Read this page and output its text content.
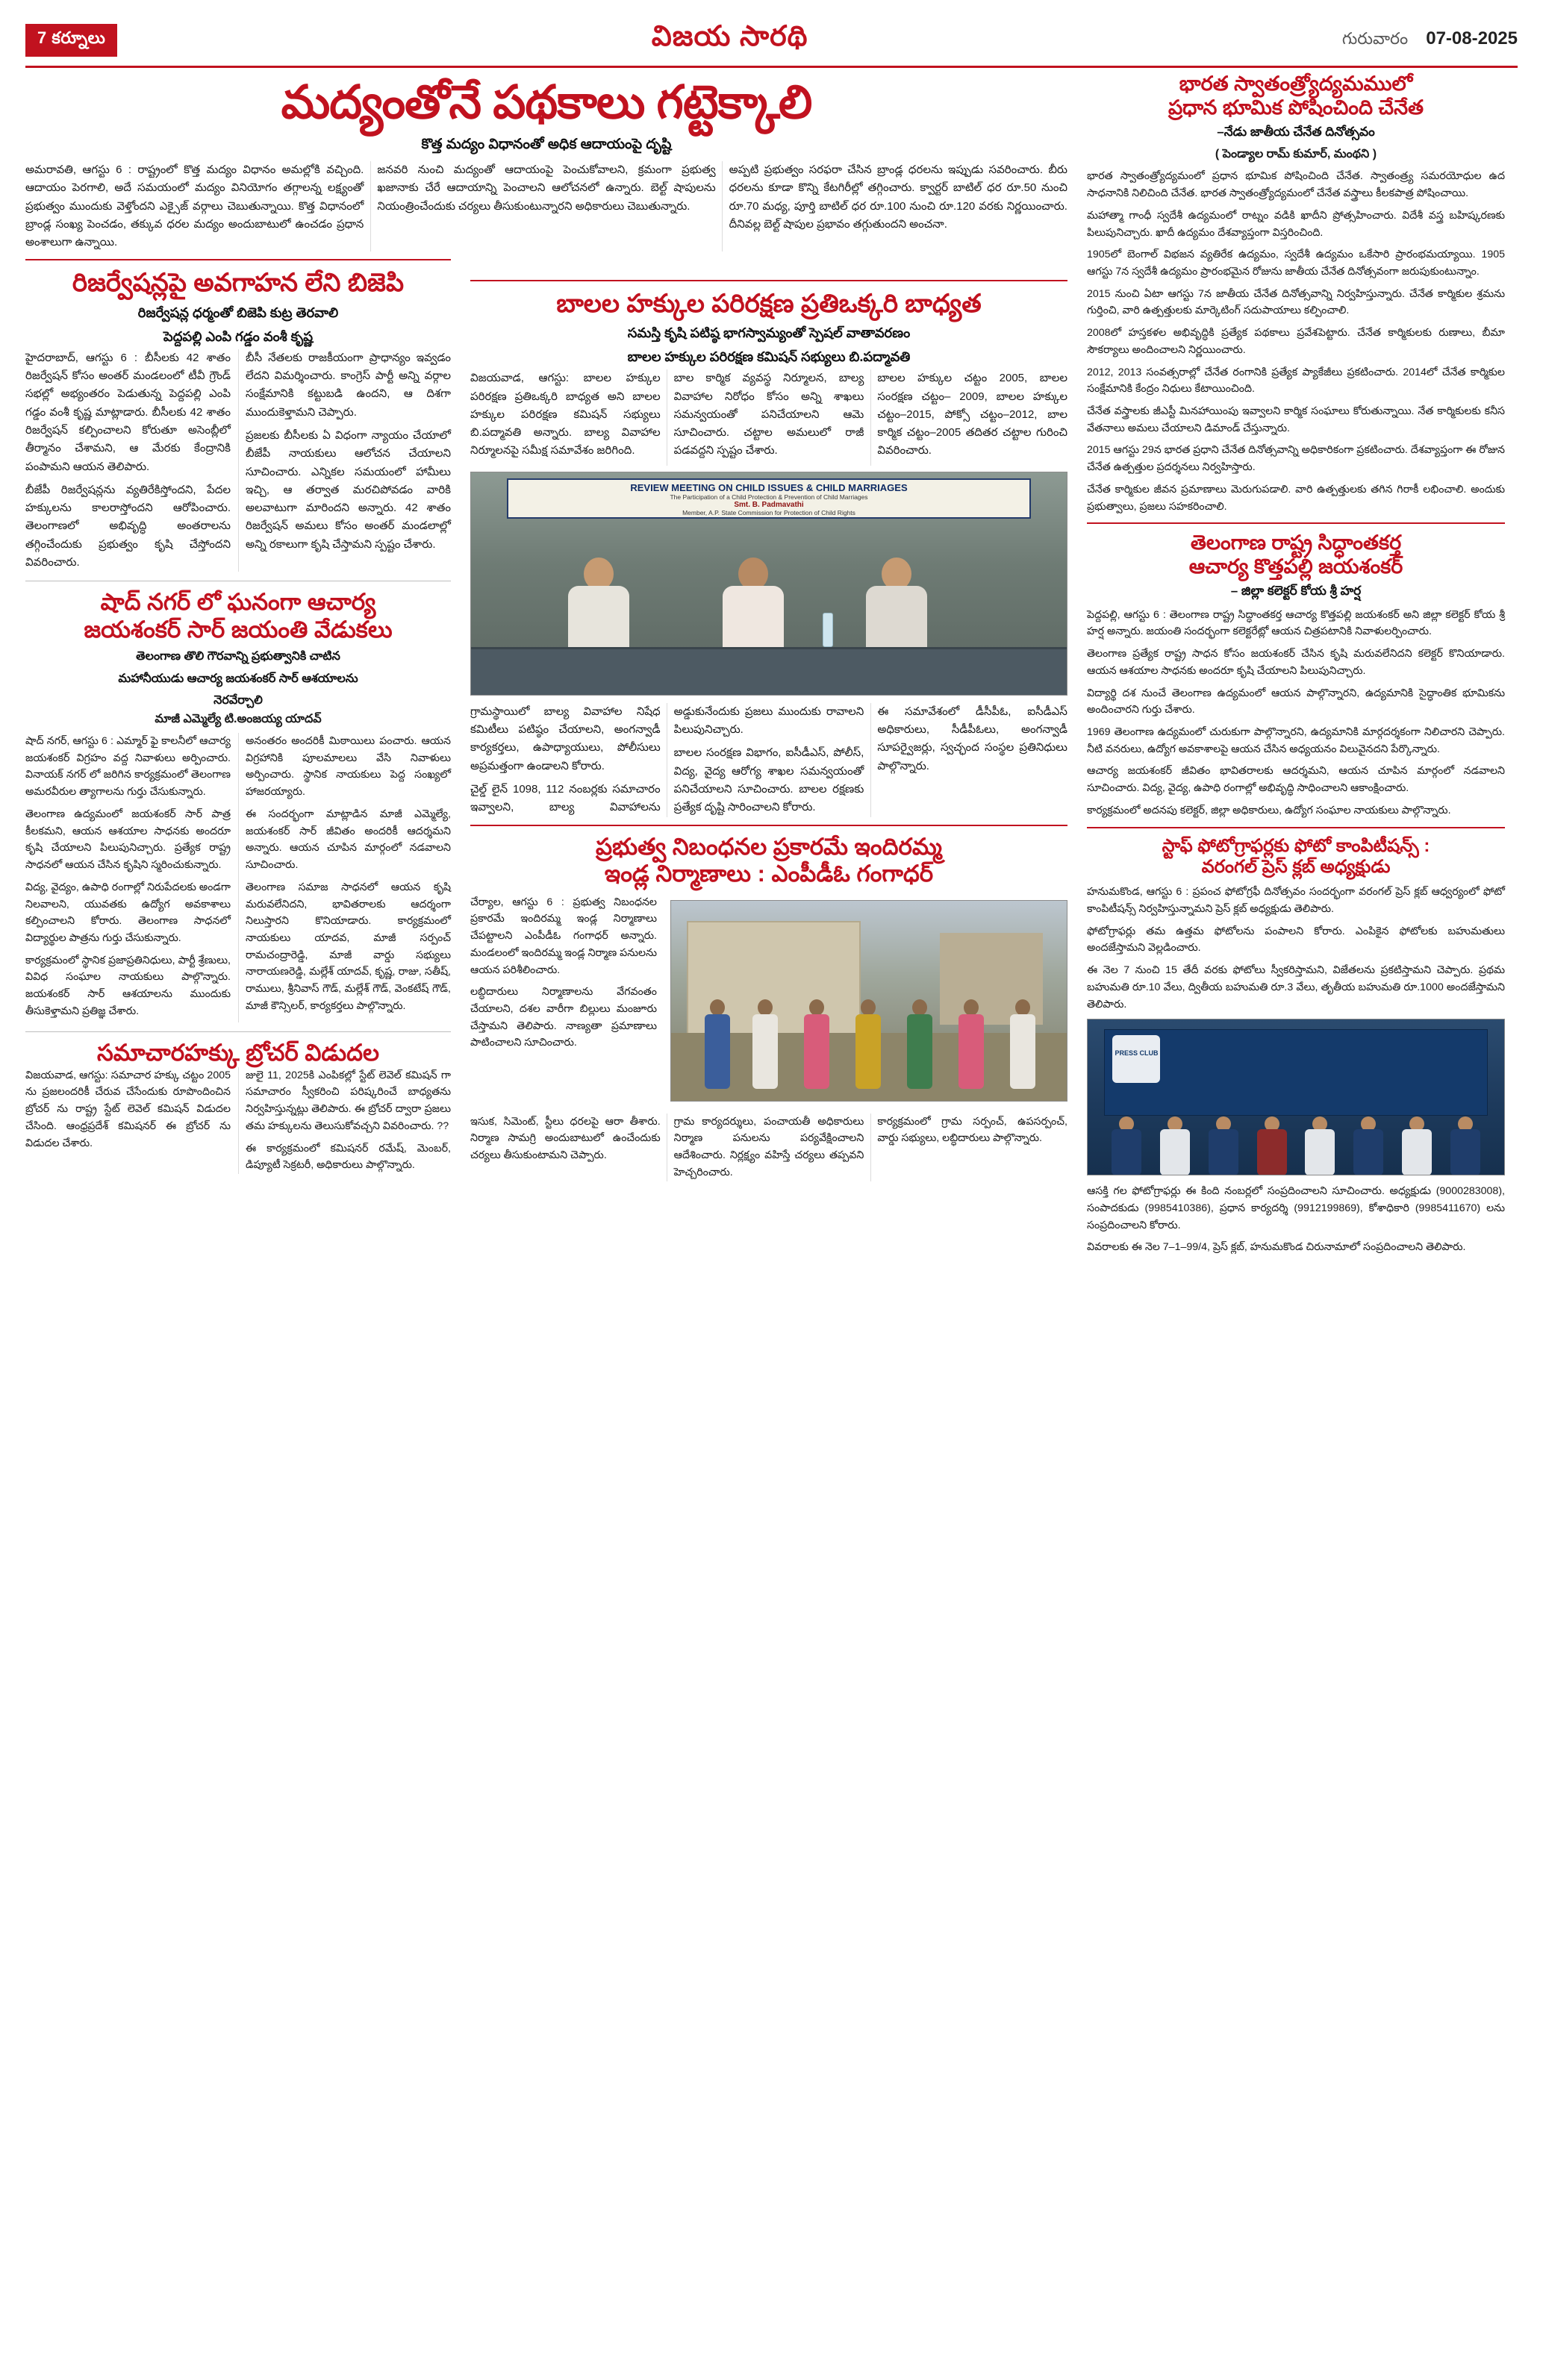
7 కర్నూలు	విజయ సారథి	గురువారం 07-08-2025
మద్యంతోనే పథకాలు గట్టెక్కాలి
కొత్త మద్యం విధానంతో అధిక ఆదాయంపై దృష్టి

అమరావతి, ఆగస్టు 6 : రాష్ట్రంలో కొత్త మద్యం విధానం అమల్లోకి వచ్చింది. ఆదాయం పెరగాలి, అదే సమయంలో మద్యం వినియోగం తగ్గాలన్న లక్ష్యంతో ప్రభుత్వం ముందుకు వెళ్తోందని ఎక్సైజ్ వర్గాలు చెబుతున్నాయి. కొత్త విధానంలో బ్రాండ్ల సంఖ్య పెంచడం, తక్కువ ధరల మద్యం అందుబాటులో ఉంచడం ప్రధాన అంశాలుగా ఉన్నాయి.

జనవరి నుంచి మద్యంతో ఆదాయంపై పెంచుకోవాలని, క్రమంగా ప్రభుత్వ ఖజానాకు చేరే ఆదాయాన్ని పెంచాలని ఆలోచనలో ఉన్నారు. బెల్ట్ షాపులను నియంత్రించేందుకు చర్యలు తీసుకుంటున్నారని అధికారులు చెబుతున్నారు.

అప్పటి ప్రభుత్వం సరఫరా చేసిన బ్రాండ్ల ధరలను ఇప్పుడు సవరించారు. బీరు ధరలను కూడా కొన్ని కేటగిరీల్లో తగ్గించారు. క్వార్టర్ బాటిల్ ధర రూ.50 నుంచి రూ.70 మధ్య, పూర్తి బాటిల్ ధర రూ.100 నుంచి రూ.120 వరకు నిర్ణయించారు. దీనివల్ల బెల్ట్ షాపుల ప్రభావం తగ్గుతుందని అంచనా.

రిజర్వేషన్లపై అవగాహన లేని బిజెపి
రిజర్వేషన్ల ధర్మంతో బిజెపి కుట్ర తెరవాలి
పెద్దపల్లి ఎంపి గడ్డం వంశీ కృష్ణ

హైదరాబాద్, ఆగస్టు 6 : బీసీలకు 42 శాతం రిజర్వేషన్ కోసం అంతర్ మండలంలో టీవీ గ్రౌండ్ సభల్లో అభ్యంతరం పెడుతున్న పెద్దపల్లి ఎంపి గడ్డం వంశీ కృష్ణ మాట్లాడారు. బీసీలకు 42 శాతం రిజర్వేషన్ కల్పించాలని కోరుతూ అసెంబ్లీలో తీర్మానం చేశామని, ఆ మేరకు కేంద్రానికి పంపామని ఆయన తెలిపారు.

బీజేపీ రిజర్వేషన్లను వ్యతిరేకిస్తోందని, పేదల హక్కులను కాలరాస్తోందని ఆరోపించారు. తెలంగాణలో అభివృద్ధి అంతరాలను తగ్గించేందుకు ప్రభుత్వం కృషి చేస్తోందని వివరించారు.

బీసీ నేతలకు రాజకీయంగా ప్రాధాన్యం ఇవ్వడం లేదని విమర్శించారు. కాంగ్రెస్ పార్టీ అన్ని వర్గాల సంక్షేమానికి కట్టుబడి ఉందని, ఆ దిశగా ముందుకెళ్తామని చెప్పారు.

ప్రజలకు బీసీలకు ఏ విధంగా న్యాయం చేయాలో బీజేపీ నాయకులు ఆలోచన చేయాలని సూచించారు. ఎన్నికల సమయంలో హామీలు ఇచ్చి, ఆ తర్వాత మరచిపోవడం వారికి అలవాటుగా మారిందని అన్నారు. 42 శాతం రిజర్వేషన్ అమలు కోసం అంతర్ మండలాల్లో అన్ని రకాలుగా కృషి చేస్తామని స్పష్టం చేశారు.

షాద్ నగర్ లో ఘనంగా ఆచార్య
జయశంకర్ సార్ జయంతి వేడుకలు
తెలంగాణ తొలి గౌరవాన్ని ప్రభుత్వానికి చాటిన
మహానీయుడు ఆచార్య జయశంకర్ సార్ ఆశయాలను
నెరవేర్చాలి
మాజీ ఎమ్మెల్యే టి.అంజయ్య యాదవ్

షాద్ నగర్, ఆగస్టు 6 : ఎమ్మార్ ఫై కాలనీలో ఆచార్య జయశంకర్ విగ్రహం వద్ద నివాళులు అర్పించారు. వినాయక్ నగర్ లో జరిగిన కార్యక్రమంలో తెలంగాణ అమరవీరుల త్యాగాలను గుర్తు చేసుకున్నారు.

తెలంగాణ ఉద్యమంలో జయశంకర్ సార్ పాత్ర కీలకమని, ఆయన ఆశయాల సాధనకు అందరూ కృషి చేయాలని పిలుపునిచ్చారు. ప్రత్యేక రాష్ట్ర సాధనలో ఆయన చేసిన కృషిని స్మరించుకున్నారు.

విద్య, వైద్యం, ఉపాధి రంగాల్లో నిరుపేదలకు అండగా నిలవాలని, యువతకు ఉద్యోగ అవకాశాలు కల్పించాలని కోరారు. తెలంగాణ సాధనలో విద్యార్థుల పాత్రను గుర్తు చేసుకున్నారు.

కార్యక్రమంలో స్థానిక ప్రజాప్రతినిధులు, పార్టీ శ్రేణులు, వివిధ సంఘాల నాయకులు పాల్గొన్నారు. జయశంకర్ సార్ ఆశయాలను ముందుకు తీసుకెళ్తామని ప్రతిజ్ఞ చేశారు.

అనంతరం అందరికీ మిఠాయిలు పంచారు. ఆయన విగ్రహానికి పూలమాలలు వేసి నివాళులు అర్పించారు. స్థానిక నాయకులు పెద్ద సంఖ్యలో హాజరయ్యారు.

ఈ సందర్భంగా మాట్లాడిన మాజీ ఎమ్మెల్యే, జయశంకర్ సార్ జీవితం అందరికీ ఆదర్శమని అన్నారు. ఆయన చూపిన మార్గంలో నడవాలని సూచించారు.

తెలంగాణ సమాజ సాధనలో ఆయన కృషి మరువలేనిదని, భావితరాలకు ఆదర్శంగా నిలుస్తారని కొనియాడారు. కార్యక్రమంలో నాయకులు యాదవ, మాజీ సర్పంచ్ రామచంద్రారెడ్డి, మాజీ వార్డు సభ్యులు నారాయణరెడ్డి, మల్లేశ్ యాదవ్, కృష్ణ, రాజు, సతీష్, రాములు, శ్రీనివాస్ గౌడ్, మల్లేశ్ గౌడ్, వెంకటేష్ గౌడ్, మాజీ కౌన్సిలర్, కార్యకర్తలు పాల్గొన్నారు.

సమాచారహక్కు బ్రోచర్ విడుదల

విజయవాడ, ఆగస్టు: సమాచార హక్కు చట్టం 2005 ను ప్రజలందరికీ చేరువ చేసేందుకు రూపొందించిన బ్రోచర్ ను రాష్ట్ర స్టేట్ లెవెల్ కమిషన్ విడుదల చేసింది. ఆంధ్రప్రదేశ్ కమిషనర్ ఈ బ్రోచర్ ను విడుదల చేశారు.

జులై 11, 2025కి ఎంపికల్లో స్టేట్ లెవెల్ కమిషన్ గా సమాచారం స్వీకరించి పరిష్కరించే బాధ్యతను నిర్వహిస్తున్నట్లు తెలిపారు. ఈ బ్రోచర్ ద్వారా ప్రజలు తమ హక్కులను తెలుసుకోవచ్చని వివరించారు. ??

ఈ కార్యక్రమంలో కమిషనర్ రమేష్, మెంబర్, డిప్యూటీ సెక్రటరీ, అధికారులు పాల్గొన్నారు.

బాలల హక్కుల పరిరక్షణ ప్రతిఒక్కరి బాధ్యత
సమస్తి కృషి పటిష్ఠ భాగస్వామ్యంతో స్పెషల్ వాతావరణం
బాలల హక్కుల పరిరక్షణ కమిషన్ సభ్యులు బి.పద్మావతి

విజయవాడ, ఆగస్టు: బాలల హక్కుల పరిరక్షణ ప్రతిఒక్కరి బాధ్యత అని బాలల హక్కుల పరిరక్షణ కమిషన్ సభ్యులు బి.పద్మావతి అన్నారు. బాల్య వివాహాల నిర్మూలనపై సమీక్ష సమావేశం జరిగింది.

బాల కార్మిక వ్యవస్థ నిర్మూలన, బాల్య వివాహాల నిరోధం కోసం అన్ని శాఖలు సమన్వయంతో పనిచేయాలని ఆమె సూచించారు. చట్టాల అమలులో రాజీ పడవద్దని స్పష్టం చేశారు.

బాలల హక్కుల చట్టం 2005, బాలల సంరక్షణ చట్టం– 2009, బాలల హక్కుల చట్టం–2015, పోక్సో చట్టం–2012, బాల కార్మిక చట్టం–2005 తదితర చట్టాల గురించి వివరించారు.

REVIEW MEETING ON CHILD ISSUES & CHILD MARRIAGES
The Participation of a Child Protection & Prevention of Child Marriages
Smt. B. Padmavathi
Member, A.P. State Commission for Protection of Child Rights

గ్రామస్థాయిలో బాల్య వివాహాల నిషేధ కమిటీలు పటిష్ఠం చేయాలని, అంగన్వాడీ కార్యకర్తలు, ఉపాధ్యాయులు, పోలీసులు అప్రమత్తంగా ఉండాలని కోరారు.

చైల్డ్ లైన్ 1098, 112 నంబర్లకు సమాచారం ఇవ్వాలని, బాల్య వివాహాలను అడ్డుకునేందుకు ప్రజలు ముందుకు రావాలని పిలుపునిచ్చారు.

బాలల సంరక్షణ విభాగం, ఐసీడీఎస్, పోలీస్, విద్య, వైద్య ఆరోగ్య శాఖల సమన్వయంతో పనిచేయాలని సూచించారు. బాలల రక్షణకు ప్రత్యేక దృష్టి సారించాలని కోరారు.

ఈ సమావేశంలో డీసీపీఓ, ఐసీడీఎస్ అధికారులు, సీడీపీఓలు, అంగన్వాడీ సూపర్వైజర్లు, స్వచ్ఛంద సంస్థల ప్రతినిధులు పాల్గొన్నారు.

ప్రభుత్వ నిబంధనల ప్రకారమే ఇందిరమ్మ
ఇండ్ల నిర్మాణాలు : ఎంపీడీఓ గంగాధర్

చేర్యాల, ఆగస్టు 6 : ప్రభుత్వ నిబంధనల ప్రకారమే ఇందిరమ్మ ఇండ్ల నిర్మాణాలు చేపట్టాలని ఎంపీడీఓ గంగాధర్ అన్నారు. మండలంలో ఇందిరమ్మ ఇండ్ల నిర్మాణ పనులను ఆయన పరిశీలించారు.

లబ్ధిదారులు నిర్మాణాలను వేగవంతం చేయాలని, దశల వారీగా బిల్లులు మంజూరు చేస్తామని తెలిపారు. నాణ్యతా ప్రమాణాలు పాటించాలని సూచించారు.

ఇసుక, సిమెంట్, స్టీలు ధరలపై ఆరా తీశారు. నిర్మాణ సామగ్రి అందుబాటులో ఉంచేందుకు చర్యలు తీసుకుంటామని చెప్పారు.

గ్రామ కార్యదర్శులు, పంచాయతీ అధికారులు నిర్మాణ పనులను పర్యవేక్షించాలని ఆదేశించారు. నిర్లక్ష్యం వహిస్తే చర్యలు తప్పవని హెచ్చరించారు.

కార్యక్రమంలో గ్రామ సర్పంచ్, ఉపసర్పంచ్, వార్డు సభ్యులు, లబ్ధిదారులు పాల్గొన్నారు.

భారత స్వాతంత్ర్యోద్యమములో
ప్రధాన భూమిక పోషించింది చేనేత
–నేడు జాతీయ చేనేత దినోత్సవం
( పెండ్యాల రామ్ కుమార్, మంథని )

భారత స్వాతంత్ర్యోద్యమంలో ప్రధాన భూమిక పోషించింది చేనేత. స్వాతంత్ర్య సమరయోధుల ఉద సాధనానికి నిలిచింది చేనేత. భారత స్వాతంత్ర్యోద్యమంలో చేనేత వస్త్రాలు కీలకపాత్ర పోషించాయి.

మహాత్మా గాంధీ స్వదేశీ ఉద్యమంలో రాట్నం వడికి ఖాదీని ప్రోత్సహించారు. విదేశీ వస్త్ర బహిష్కరణకు పిలుపునిచ్చారు. ఖాదీ ఉద్యమం దేశవ్యాప్తంగా విస్తరించింది.

1905లో బెంగాల్ విభజన వ్యతిరేక ఉద్యమం, స్వదేశీ ఉద్యమం ఒకేసారి ప్రారంభమయ్యాయి. 1905 ఆగస్టు 7న స్వదేశీ ఉద్యమం ప్రారంభమైన రోజును జాతీయ చేనేత దినోత్సవంగా జరుపుకుంటున్నాం.

2015 నుంచి ఏటా ఆగస్టు 7న జాతీయ చేనేత దినోత్సవాన్ని నిర్వహిస్తున్నారు. చేనేత కార్మికుల శ్రమను గుర్తించి, వారి ఉత్పత్తులకు మార్కెటింగ్ సదుపాయాలు కల్పించాలి.

2008లో హస్తకళల అభివృద్ధికి ప్రత్యేక పథకాలు ప్రవేశపెట్టారు. చేనేత కార్మికులకు రుణాలు, బీమా సౌకర్యాలు అందించాలని నిర్ణయించారు.

2012, 2013 సంవత్సరాల్లో చేనేత రంగానికి ప్రత్యేక ప్యాకేజీలు ప్రకటించారు. 2014లో చేనేత కార్మికుల సంక్షేమానికి కేంద్రం నిధులు కేటాయించింది.

చేనేత వస్త్రాలకు జీఎస్టీ మినహాయింపు ఇవ్వాలని కార్మిక సంఘాలు కోరుతున్నాయి. నేత కార్మికులకు కనీస వేతనాలు అమలు చేయాలని డిమాండ్ చేస్తున్నారు.

2015 ఆగస్టు 29న భారత ప్రధాని చేనేత దినోత్సవాన్ని అధికారికంగా ప్రకటించారు. దేశవ్యాప్తంగా ఈ రోజున చేనేత ఉత్పత్తుల ప్రదర్శనలు నిర్వహిస్తారు.

చేనేత కార్మికుల జీవన ప్రమాణాలు మెరుగుపడాలి. వారి ఉత్పత్తులకు తగిన గిరాకీ లభించాలి. అందుకు ప్రభుత్వాలు, ప్రజలు సహకరించాలి.

తెలంగాణ రాష్ట్ర సిద్ధాంతకర్త
ఆచార్య కొత్తపల్లి జయశంకర్
– జిల్లా కలెక్టర్ కోయ శ్రీ హర్ష

పెద్దపల్లి, ఆగస్టు 6 : తెలంగాణ రాష్ట్ర సిద్ధాంతకర్త ఆచార్య కొత్తపల్లి జయశంకర్ అని జిల్లా కలెక్టర్ కోయ శ్రీ హర్ష అన్నారు. జయంతి సందర్భంగా కలెక్టరేట్లో ఆయన చిత్రపటానికి నివాళులర్పించారు.

తెలంగాణ ప్రత్యేక రాష్ట్ర సాధన కోసం జయశంకర్ చేసిన కృషి మరువలేనిదని కలెక్టర్ కొనియాడారు. ఆయన ఆశయాల సాధనకు అందరూ కృషి చేయాలని పిలుపునిచ్చారు.

విద్యార్థి దశ నుంచే తెలంగాణ ఉద్యమంలో ఆయన పాల్గొన్నారని, ఉద్యమానికి సైద్ధాంతిక భూమికను అందించారని గుర్తు చేశారు.

1969 తెలంగాణ ఉద్యమంలో చురుకుగా పాల్గొన్నారని, ఉద్యమానికి మార్గదర్శకంగా నిలిచారని చెప్పారు. నీటి వనరులు, ఉద్యోగ అవకాశాలపై ఆయన చేసిన అధ్యయనం విలువైనదని పేర్కొన్నారు.

ఆచార్య జయశంకర్ జీవితం భావితరాలకు ఆదర్శమని, ఆయన చూపిన మార్గంలో నడవాలని సూచించారు. విద్య, వైద్య, ఉపాధి రంగాల్లో అభివృద్ధి సాధించాలని ఆకాంక్షించారు.

కార్యక్రమంలో అదనపు కలెక్టర్, జిల్లా అధికారులు, ఉద్యోగ సంఘాల నాయకులు పాల్గొన్నారు.

స్టాఫ్ ఫోటోగ్రాఫర్లకు ఫోటో కాంపిటీషన్స్ :
వరంగల్ ప్రెస్ క్లబ్ అధ్యక్షుడు

హనుమకొండ, ఆగస్టు 6 : ప్రపంచ ఫోటోగ్రఫీ దినోత్సవం సందర్భంగా వరంగల్ ప్రెస్ క్లబ్ ఆధ్వర్యంలో ఫోటో కాంపిటీషన్స్ నిర్వహిస్తున్నామని ప్రెస్ క్లబ్ అధ్యక్షుడు తెలిపారు.

ఫోటోగ్రాఫర్లు తమ ఉత్తమ ఫోటోలను పంపాలని కోరారు. ఎంపికైన ఫోటోలకు బహుమతులు అందజేస్తామని వెల్లడించారు.

ఈ నెల 7 నుంచి 15 తేదీ వరకు ఫోటోలు స్వీకరిస్తామని, విజేతలను ప్రకటిస్తామని చెప్పారు. ప్రథమ బహుమతి రూ.10 వేలు, ద్వితీయ బహుమతి రూ.3 వేలు, తృతీయ బహుమతి రూ.1000 అందజేస్తామని తెలిపారు.

PRESS CLUB

ఆసక్తి గల ఫోటోగ్రాఫర్లు ఈ కింది నంబర్లలో సంప్రదించాలని సూచించారు. అధ్యక్షుడు (9000283008), సంపాదకుడు (9985410386), ప్రధాన కార్యదర్శి (9912199869), కోశాధికారి (9985411670) లను సంప్రదించాలని కోరారు.

వివరాలకు ఈ నెల 7–1–99/4, ప్రెస్ క్లబ్, హనుమకొండ చిరునామాలో సంప్రదించాలని తెలిపారు.
